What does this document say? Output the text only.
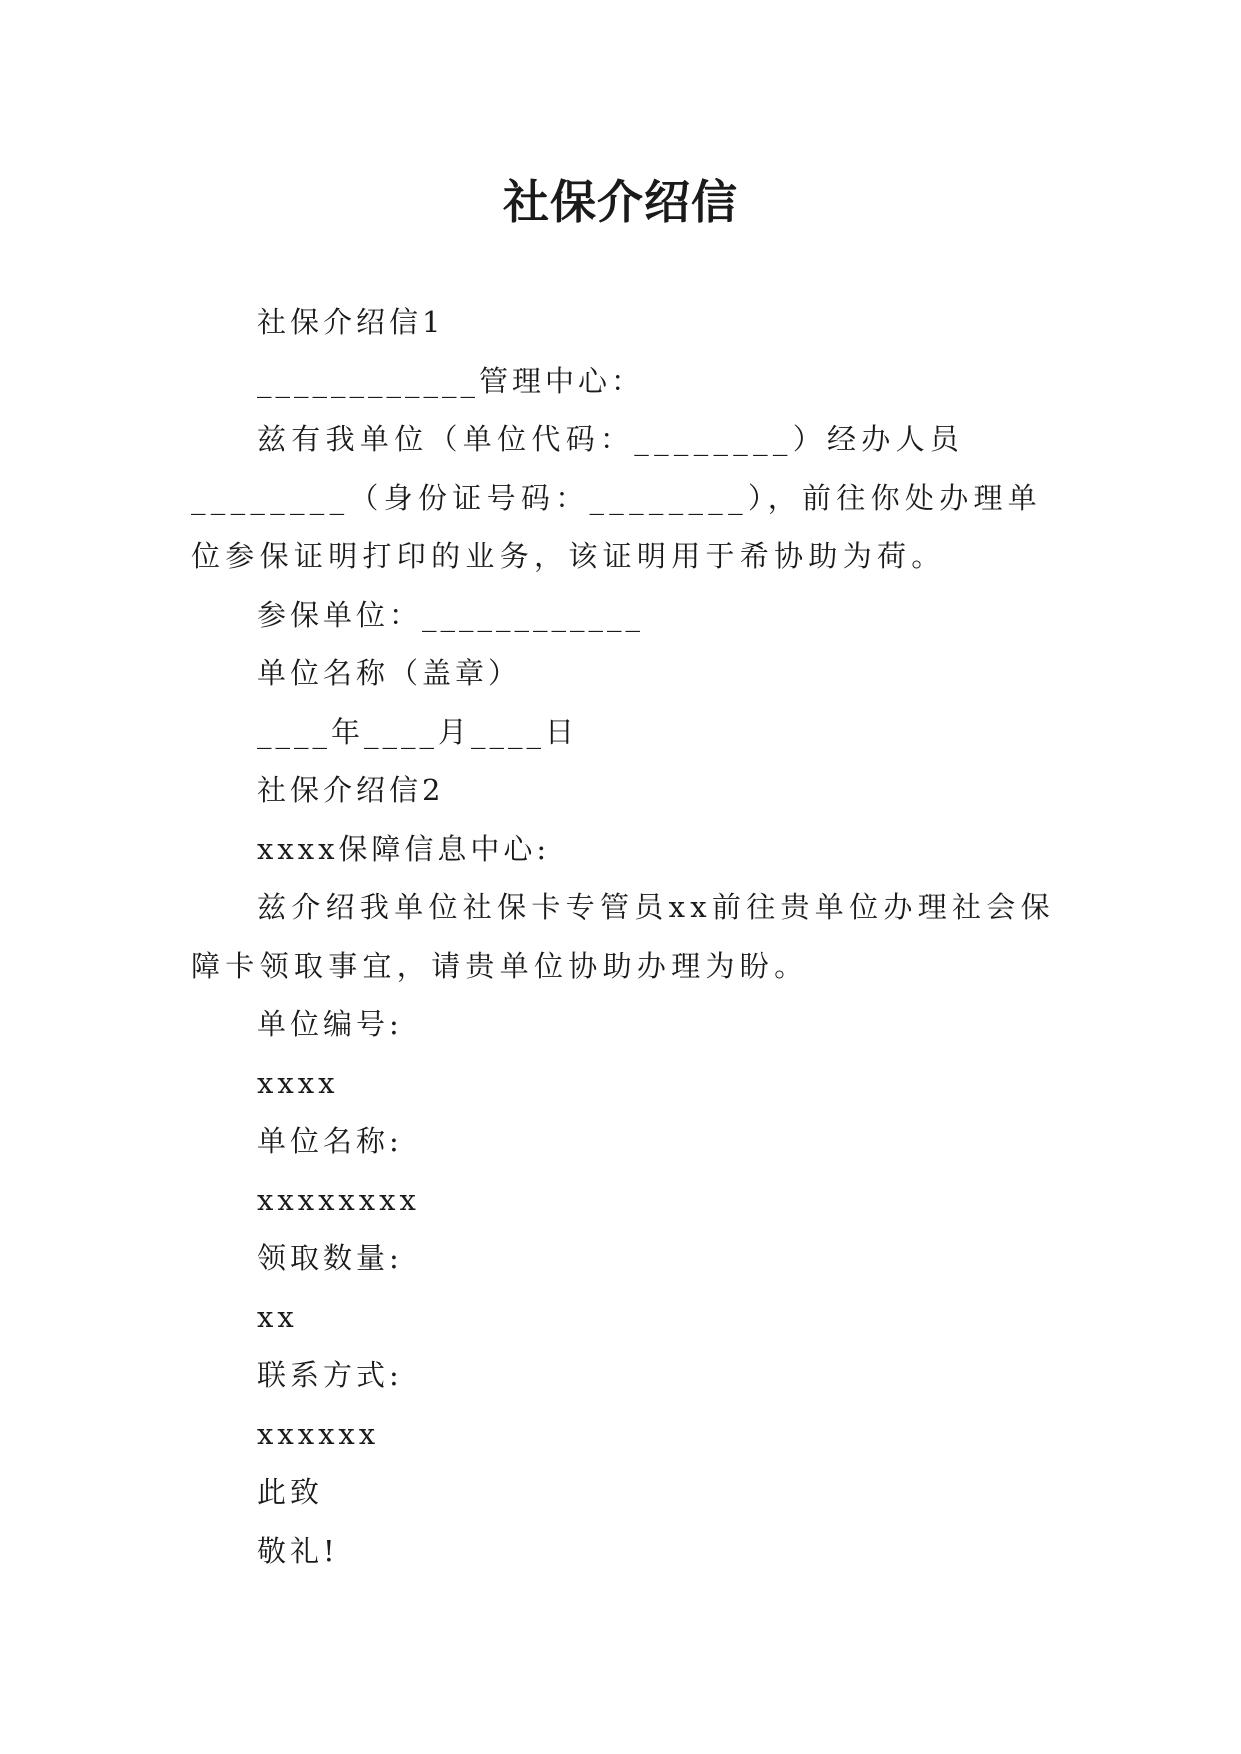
社保介绍信

社保介绍信1

____________管理中心：

兹有我单位（单位代码：________）经办人员________（身份证号码：________），前往你处办理单位参保证明打印的业务，该证明用于希协助为荷。

参保单位：____________

单位名称（盖章）

____年____月____日

社保介绍信2

xxxx保障信息中心:

兹介绍我单位社保卡专管员xx前往贵单位办理社会保障卡领取事宜，请贵单位协助办理为盼。

单位编号:

xxxx

单位名称:

xxxxxxxx

领取数量:

xx

联系方式:

xxxxxx

此致

敬礼!
